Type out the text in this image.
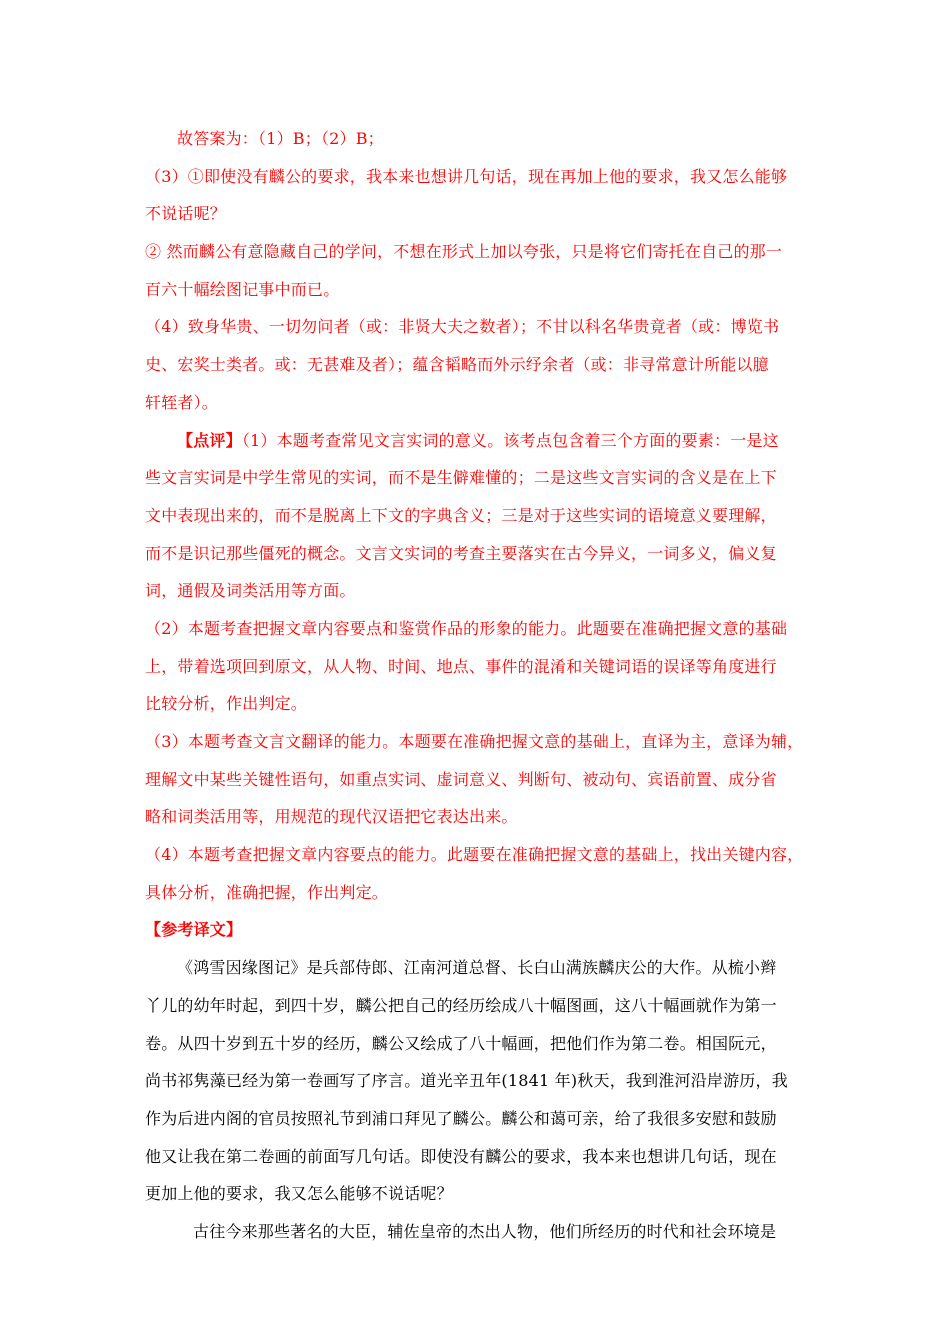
故答案为：（1）B；（2）B；
（3）①即使没有麟公的要求，我本来也想讲几句话，现在再加上他的要求，我又怎么能够
不说话呢？
② 然而麟公有意隐藏自己的学问，不想在形式上加以夸张，只是将它们寄托在自己的那一
百六十幅绘图记事中而已。
（4）致身华贵、一切勿问者（或：非贤大夫之数者）；不甘以科名华贵竟者（或：博览书
史、宏奖士类者。或：无甚难及者）；蕴含韬略而外示纾余者（或：非寻常意计所能以臆
轩轾者）。
【点评】（1）本题考查常见文言实词的意义。该考点包含着三个方面的要素：一是这
些文言实词是中学生常见的实词，而不是生僻难懂的；二是这些文言实词的含义是在上下
文中表现出来的，而不是脱离上下文的字典含义；三是对于这些实词的语境意义要理解，
而不是识记那些僵死的概念。文言文实词的考查主要落实在古今异义，一词多义，偏义复
词，通假及词类活用等方面。
（2）本题考查把握文章内容要点和鉴赏作品的形象的能力。此题要在准确把握文意的基础
上，带着选项回到原文，从人物、时间、地点、事件的混淆和关键词语的误译等角度进行
比较分析，作出判定。
（3）本题考查文言文翻译的能力。本题要在准确把握文意的基础上，直译为主，意译为辅，
理解文中某些关键性语句，如重点实词、虚词意义、判断句、被动句、宾语前置、成分省
略和词类活用等，用规范的现代汉语把它表达出来。
（4）本题考查把握文章内容要点的能力。此题要在准确把握文意的基础上，找出关键内容，
具体分析，准确把握，作出判定。
【参考译文】
《鸿雪因缘图记》是兵部侍郎、江南河道总督、长白山满族麟庆公的大作。从梳小辫
丫儿的幼年时起，到四十岁，麟公把自己的经历绘成八十幅图画，这八十幅画就作为第一
卷。从四十岁到五十岁的经历，麟公又绘成了八十幅画，把他们作为第二卷。相国阮元，
尚书祁隽藻已经为第一卷画写了序言。道光辛丑年(1841 年)秋天，我到淮河沿岸游历，我
作为后进内阁的官员按照礼节到浦口拜见了麟公。麟公和蔼可亲，给了我很多安慰和鼓励
他又让我在第二卷画的前面写几句话。即使没有麟公的要求，我本来也想讲几句话，现在
更加上他的要求，我又怎么能够不说话呢？
古往今来那些著名的大臣，辅佐皇帝的杰出人物，他们所经历的时代和社会环境是
